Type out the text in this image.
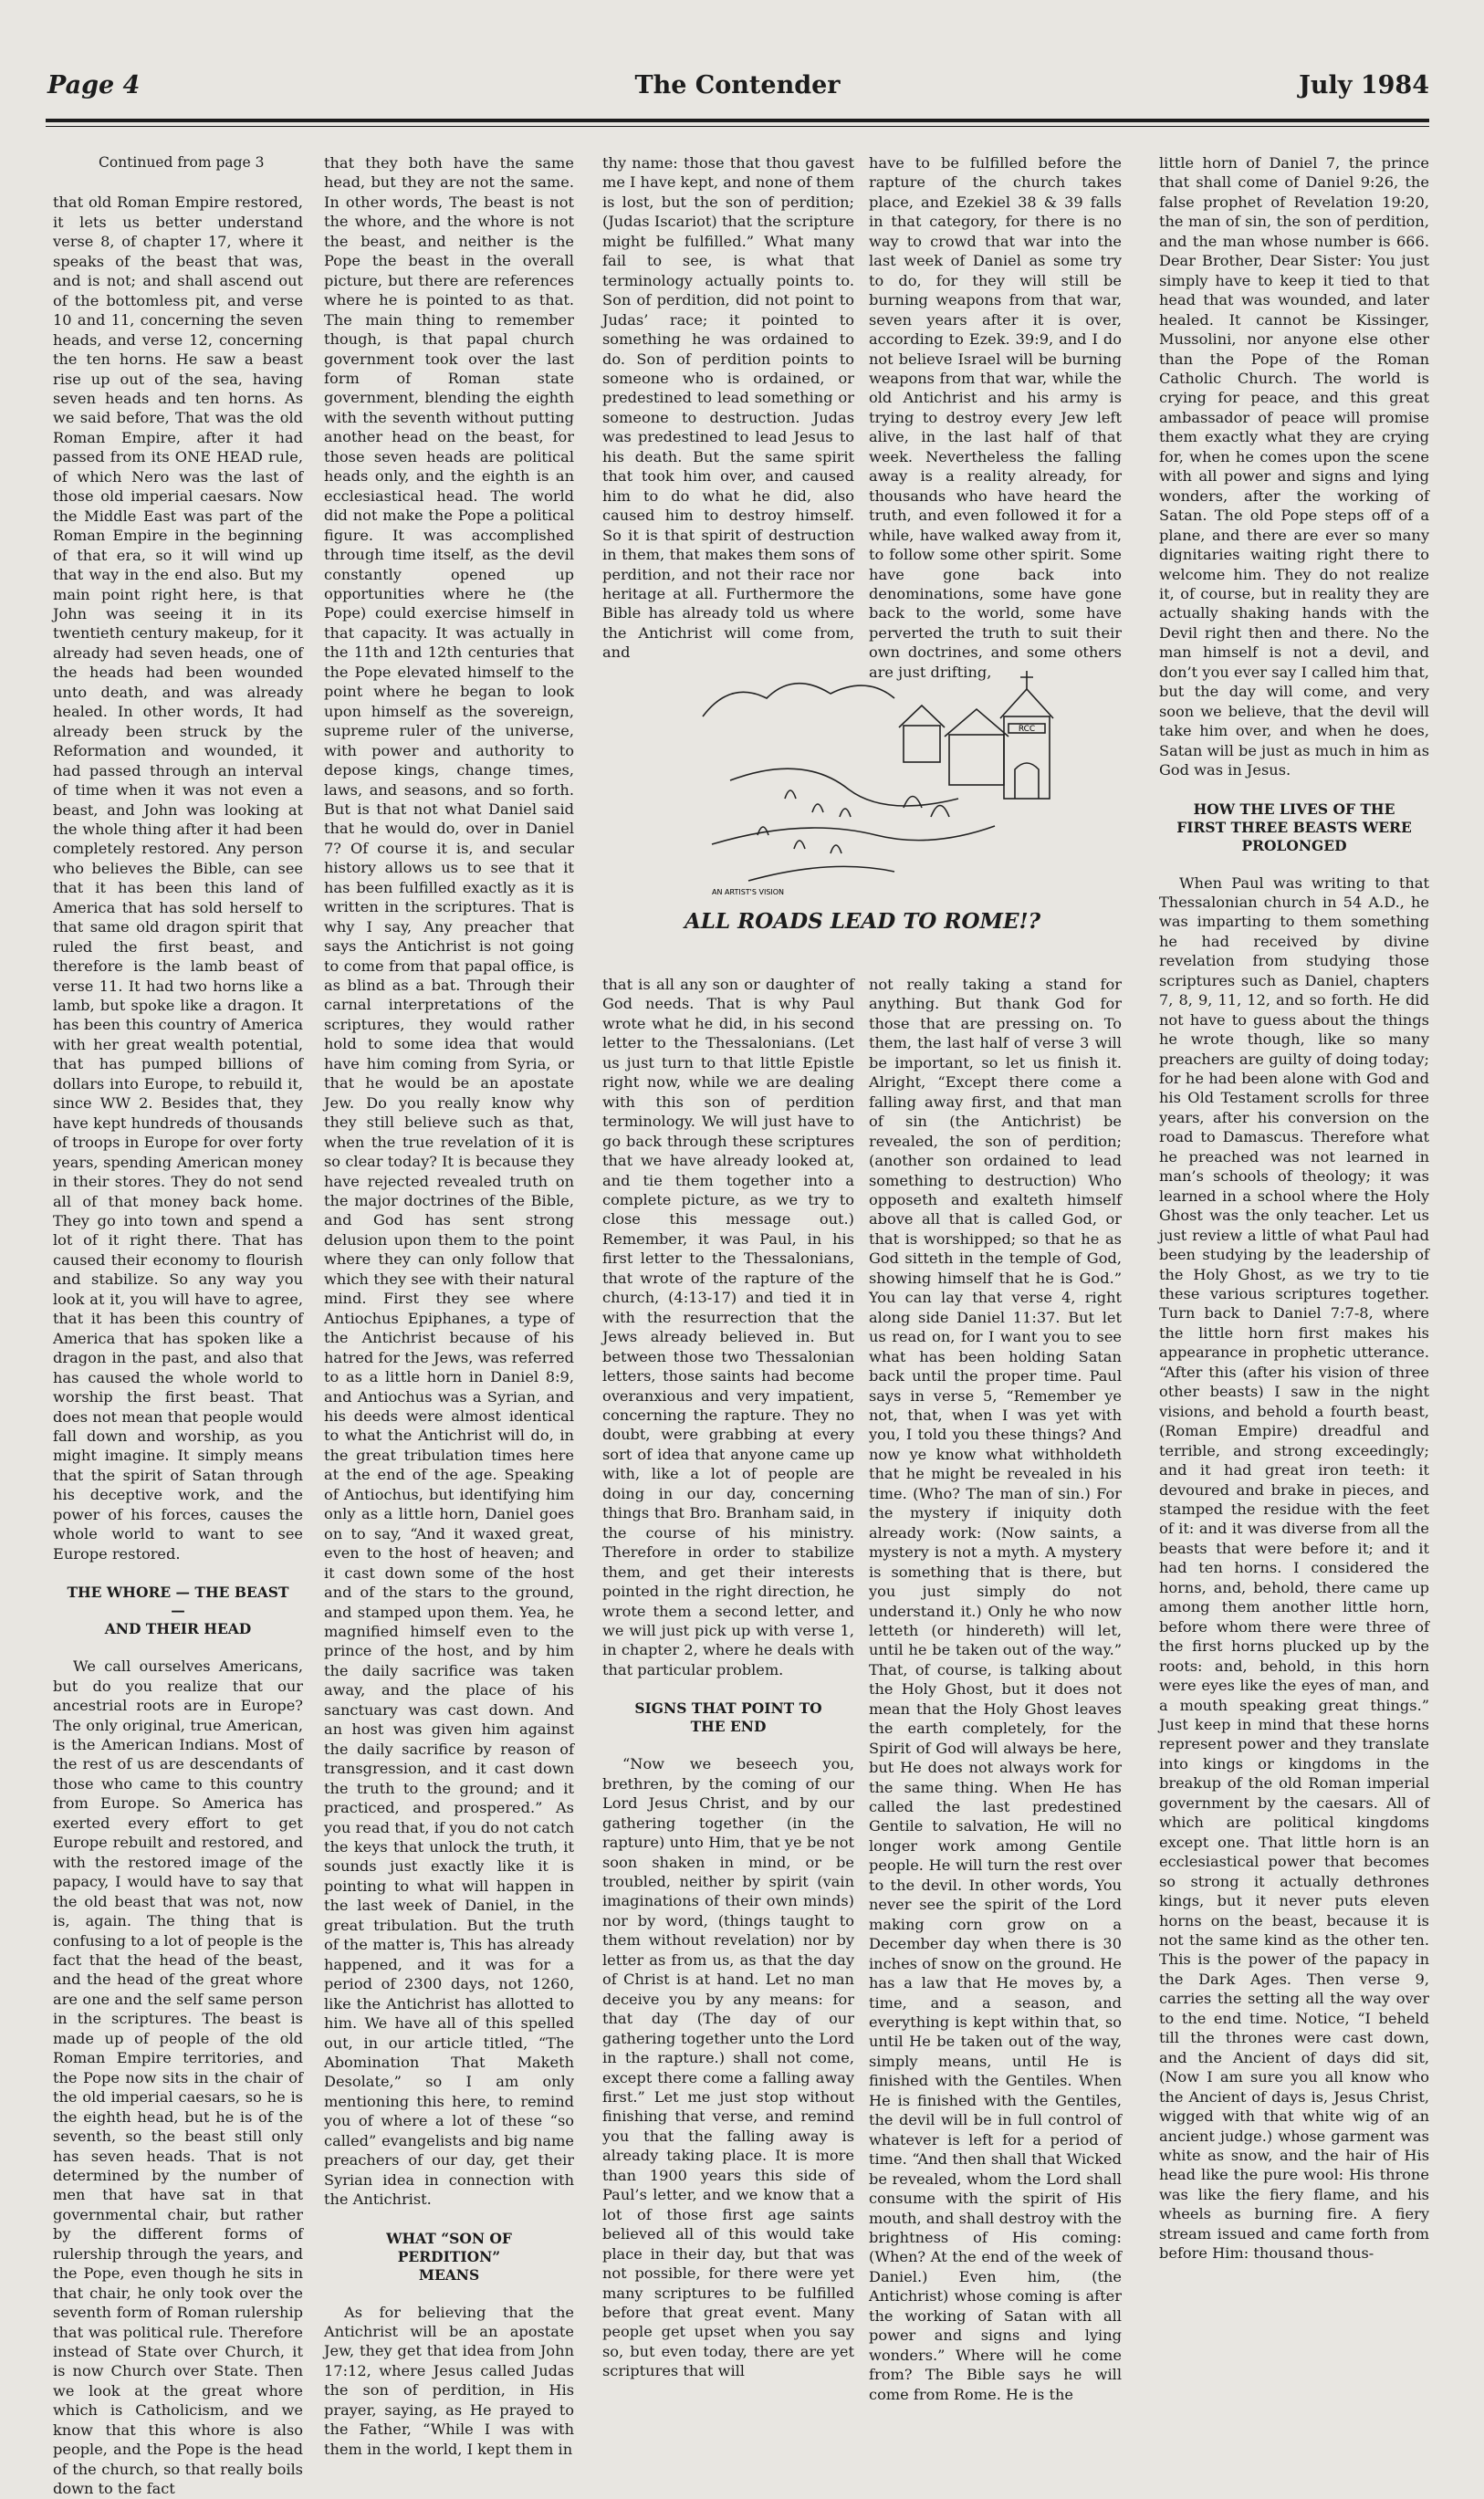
Page 4	The Contender	July 1984

Continued from page 3

that old Roman Empire restored, it lets us better understand verse 8, of chapter 17, where it speaks of the beast that was, and is not; and shall ascend out of the bottomless pit, and verse 10 and 11, concerning the seven heads, and verse 12, concerning the ten horns. He saw a beast rise up out of the sea, having seven heads and ten horns. As we said before, That was the old Roman Empire, after it had passed from its ONE HEAD rule, of which Nero was the last of those old imperial caesars. Now the Middle East was part of the Roman Empire in the beginning of that era, so it will wind up that way in the end also. But my main point right here, is that John was seeing it in its twentieth century makeup, for it already had seven heads, one of the heads had been wounded unto death, and was already healed. In other words, It had already been struck by the Reformation and wounded, it had passed through an interval of time when it was not even a beast, and John was looking at the whole thing after it had been completely restored. Any person who believes the Bible, can see that it has been this land of America that has sold herself to that same old dragon spirit that ruled the first beast, and therefore is the lamb beast of verse 11. It had two horns like a lamb, but spoke like a dragon. It has been this country of America with her great wealth potential, that has pumped billions of dollars into Europe, to rebuild it, since WW 2. Besides that, they have kept hundreds of thousands of troops in Europe for over forty years, spending American money in their stores. They do not send all of that money back home. They go into town and spend a lot of it right there. That has caused their economy to flourish and stabilize. So any way you look at it, you will have to agree, that it has been this country of America that has spoken like a dragon in the past, and also that has caused the whole world to worship the first beast. That does not mean that people would fall down and worship, as you might imagine. It simply means that the spirit of Satan through his deceptive work, and the power of his forces, causes the whole world to want to see Europe restored.

THE WHORE — THE BEAST —
AND THEIR HEAD

We call ourselves Americans, but do you realize that our ancestrial roots are in Europe? The only original, true American, is the American Indians. Most of the rest of us are descendants of those who came to this country from Europe. So America has exerted every effort to get Europe rebuilt and restored, and with the restored image of the papacy, I would have to say that the old beast that was not, now is, again. The thing that is confusing to a lot of people is the fact that the head of the beast, and the head of the great whore are one and the self same person in the scriptures. The beast is made up of people of the old Roman Empire territories, and the Pope now sits in the chair of the old imperial caesars, so he is the eighth head, but he is of the seventh, so the beast still only has seven heads. That is not determined by the number of men that have sat in that governmental chair, but rather by the different forms of rulership through the years, and the Pope, even though he sits in that chair, he only took over the seventh form of Roman rulership that was political rule. Therefore instead of State over Church, it is now Church over State. Then we look at the great whore which is Catholicism, and we know that this whore is also people, and the Pope is the head of the church, so that really boils down to the fact

that they both have the same head, but they are not the same. In other words, The beast is not the whore, and the whore is not the beast, and neither is the Pope the beast in the overall picture, but there are references where he is pointed to as that. The main thing to remember though, is that papal church government took over the last form of Roman state government, blending the eighth with the seventh without putting another head on the beast, for those seven heads are political heads only, and the eighth is an ecclesiastical head. The world did not make the Pope a political figure. It was accomplished through time itself, as the devil constantly opened up opportunities where he (the Pope) could exercise himself in that capacity. It was actually in the 11th and 12th centuries that the Pope elevated himself to the point where he began to look upon himself as the sovereign, supreme ruler of the universe, with power and authority to depose kings, change times, laws, and seasons, and so forth. But is that not what Daniel said that he would do, over in Daniel 7? Of course it is, and secular history allows us to see that it has been fulfilled exactly as it is written in the scriptures. That is why I say, Any preacher that says the Antichrist is not going to come from that papal office, is as blind as a bat. Through their carnal interpretations of the scriptures, they would rather hold to some idea that would have him coming from Syria, or that he would be an apostate Jew. Do you really know why they still believe such as that, when the true revelation of it is so clear today? It is because they have rejected revealed truth on the major doctrines of the Bible, and God has sent strong delusion upon them to the point where they can only follow that which they see with their natural mind. First they see where Antiochus Epiphanes, a type of the Antichrist because of his hatred for the Jews, was referred to as a little horn in Daniel 8:9, and Antiochus was a Syrian, and his deeds were almost identical to what the Antichrist will do, in the great tribulation times here at the end of the age. Speaking of Antiochus, but identifying him only as a little horn, Daniel goes on to say, “And it waxed great, even to the host of heaven; and it cast down some of the host and of the stars to the ground, and stamped upon them. Yea, he magnified himself even to the prince of the host, and by him the daily sacrifice was taken away, and the place of his sanctuary was cast down. And an host was given him against the daily sacrifice by reason of transgression, and it cast down the truth to the ground; and it practiced, and prospered.” As you read that, if you do not catch the keys that unlock the truth, it sounds just exactly like it is pointing to what will happen in the last week of Daniel, in the great tribulation. But the truth of the matter is, This has already happened, and it was for a period of 2300 days, not 1260, like the Antichrist has allotted to him. We have all of this spelled out, in our article titled, “The Abomination That Maketh Desolate,” so I am only mentioning this here, to remind you of where a lot of these “so called” evangelists and big name preachers of our day, get their Syrian idea in connection with the Antichrist.

WHAT “SON OF PERDITION”
MEANS

As for believing that the Antichrist will be an apostate Jew, they get that idea from John 17:12, where Jesus called Judas the son of perdition, in His prayer, saying, as He prayed to the Father, “While I was with them in the world, I kept them in

thy name: those that thou gavest me I have kept, and none of them is lost, but the son of perdition; (Judas Iscariot) that the scripture might be fulfilled.” What many fail to see, is what that terminology actually points to. Son of perdition, did not point to Judas’ race; it pointed to something he was ordained to do. Son of perdition points to someone who is ordained, or predestined to lead something or someone to destruction. Judas was predestined to lead Jesus to his death. But the same spirit that took him over, and caused him to do what he did, also caused him to destroy himself. So it is that spirit of destruction in them, that makes them sons of perdition, and not their race nor heritage at all. Furthermore the Bible has already told us where the Antichrist will come from, and

have to be fulfilled before the rapture of the church takes place, and Ezekiel 38 & 39 falls in that category, for there is no way to crowd that war into the last week of Daniel as some try to do, for they will still be burning weapons from that war, seven years after it is over, according to Ezek. 39:9, and I do not believe Israel will be burning weapons from that war, while the old Antichrist and his army is trying to destroy every Jew left alive, in the last half of that week. Nevertheless the falling away is a reality already, for thousands who have heard the truth, and even followed it for a while, have walked away from it, to follow some other spirit. Some have gone back into denominations, some have gone back to the world, some have perverted the truth to suit their own doctrines, and some others are just drifting,

RCC
AN ARTIST'S VISION
ALL ROADS LEAD TO ROME!?

that is all any son or daughter of God needs. That is why Paul wrote what he did, in his second letter to the Thessalonians. (Let us just turn to that little Epistle right now, while we are dealing with this son of perdition terminology. We will just have to go back through these scriptures that we have already looked at, and tie them together into a complete picture, as we try to close this message out.) Remember, it was Paul, in his first letter to the Thessalonians, that wrote of the rapture of the church, (4:13-17) and tied it in with the resurrection that the Jews already believed in. But between those two Thessalonian letters, those saints had become overanxious and very impatient, concerning the rapture. They no doubt, were grabbing at every sort of idea that anyone came up with, like a lot of people are doing in our day, concerning things that Bro. Branham said, in the course of his ministry. Therefore in order to stabilize them, and get their interests pointed in the right direction, he wrote them a second letter, and we will just pick up with verse 1, in chapter 2, where he deals with that particular problem.

SIGNS THAT POINT TO
THE END

“Now we beseech you, brethren, by the coming of our Lord Jesus Christ, and by our gathering together (in the rapture) unto Him, that ye be not soon shaken in mind, or be troubled, neither by spirit (vain imaginations of their own minds) nor by word, (things taught to them without revelation) nor by letter as from us, as that the day of Christ is at hand. Let no man deceive you by any means: for that day (The day of our gathering together unto the Lord in the rapture.) shall not come, except there come a falling away first.” Let me just stop without finishing that verse, and remind you that the falling away is already taking place. It is more than 1900 years this side of Paul’s letter, and we know that a lot of those first age saints believed all of this would take place in their day, but that was not possible, for there were yet many scriptures to be fulfilled before that great event. Many people get upset when you say so, but even today, there are yet scriptures that will

not really taking a stand for anything. But thank God for those that are pressing on. To them, the last half of verse 3 will be important, so let us finish it. Alright, “Except there come a falling away first, and that man of sin (the Antichrist) be revealed, the son of perdition; (another son ordained to lead something to destruction) Who opposeth and exalteth himself above all that is called God, or that is worshipped; so that he as God sitteth in the temple of God, showing himself that he is God.” You can lay that verse 4, right along side Daniel 11:37. But let us read on, for I want you to see what has been holding Satan back until the proper time. Paul says in verse 5, “Remember ye not, that, when I was yet with you, I told you these things? And now ye know what withholdeth that he might be revealed in his time. (Who? The man of sin.) For the mystery if iniquity doth already work: (Now saints, a mystery is not a myth. A mystery is something that is there, but you just simply do not understand it.) Only he who now letteth (or hindereth) will let, until he be taken out of the way.” That, of course, is talking about the Holy Ghost, but it does not mean that the Holy Ghost leaves the earth completely, for the Spirit of God will always be here, but He does not always work for the same thing. When He has called the last predestined Gentile to salvation, He will no longer work among Gentile people. He will turn the rest over to the devil. In other words, You never see the spirit of the Lord making corn grow on a December day when there is 30 inches of snow on the ground. He has a law that He moves by, a time, and a season, and everything is kept within that, so until He be taken out of the way, simply means, until He is finished with the Gentiles. When He is finished with the Gentiles, the devil will be in full control of whatever is left for a period of time. “And then shall that Wicked be revealed, whom the Lord shall consume with the spirit of His mouth, and shall destroy with the brightness of His coming: (When? At the end of the week of Daniel.) Even him, (the Antichrist) whose coming is after the working of Satan with all power and signs and lying wonders.” Where will he come from? The Bible says he will come from Rome. He is the

little horn of Daniel 7, the prince that shall come of Daniel 9:26, the false prophet of Revelation 19:20, the man of sin, the son of perdition, and the man whose number is 666. Dear Brother, Dear Sister: You just simply have to keep it tied to that head that was wounded, and later healed. It cannot be Kissinger, Mussolini, nor anyone else other than the Pope of the Roman Catholic Church. The world is crying for peace, and this great ambassador of peace will promise them exactly what they are crying for, when he comes upon the scene with all power and signs and lying wonders, after the working of Satan. The old Pope steps off of a plane, and there are ever so many dignitaries waiting right there to welcome him. They do not realize it, of course, but in reality they are actually shaking hands with the Devil right then and there. No the man himself is not a devil, and don’t you ever say I called him that, but the day will come, and very soon we believe, that the devil will take him over, and when he does, Satan will be just as much in him as God was in Jesus.

HOW THE LIVES OF THE
FIRST THREE BEASTS WERE
PROLONGED

When Paul was writing to that Thessalonian church in 54 A.D., he was imparting to them something he had received by divine revelation from studying those scriptures such as Daniel, chapters 7, 8, 9, 11, 12, and so forth. He did not have to guess about the things he wrote though, like so many preachers are guilty of doing today; for he had been alone with God and his Old Testament scrolls for three years, after his conversion on the road to Damascus. Therefore what he preached was not learned in man’s schools of theology; it was learned in a school where the Holy Ghost was the only teacher. Let us just review a little of what Paul had been studying by the leadership of the Holy Ghost, as we try to tie these various scriptures together. Turn back to Daniel 7:7-8, where the little horn first makes his appearance in prophetic utterance. “After this (after his vision of three other beasts) I saw in the night visions, and behold a fourth beast, (Roman Empire) dreadful and terrible, and strong exceedingly; and it had great iron teeth: it devoured and brake in pieces, and stamped the residue with the feet of it: and it was diverse from all the beasts that were before it; and it had ten horns. I considered the horns, and, behold, there came up among them another little horn, before whom there were three of the first horns plucked up by the roots: and, behold, in this horn were eyes like the eyes of man, and a mouth speaking great things.” Just keep in mind that these horns represent power and they translate into kings or kingdoms in the breakup of the old Roman imperial government by the caesars. All of which are political kingdoms except one. That little horn is an ecclesiastical power that becomes so strong it actually dethrones kings, but it never puts eleven horns on the beast, because it is not the same kind as the other ten. This is the power of the papacy in the Dark Ages. Then verse 9, carries the setting all the way over to the end time. Notice, “I beheld till the thrones were cast down, and the Ancient of days did sit, (Now I am sure you all know who the Ancient of days is, Jesus Christ, wigged with that white wig of an ancient judge.) whose garment was white as snow, and the hair of His head like the pure wool: His throne was like the fiery flame, and his wheels as burning fire. A fiery stream issued and came forth from before Him: thousand thous-
